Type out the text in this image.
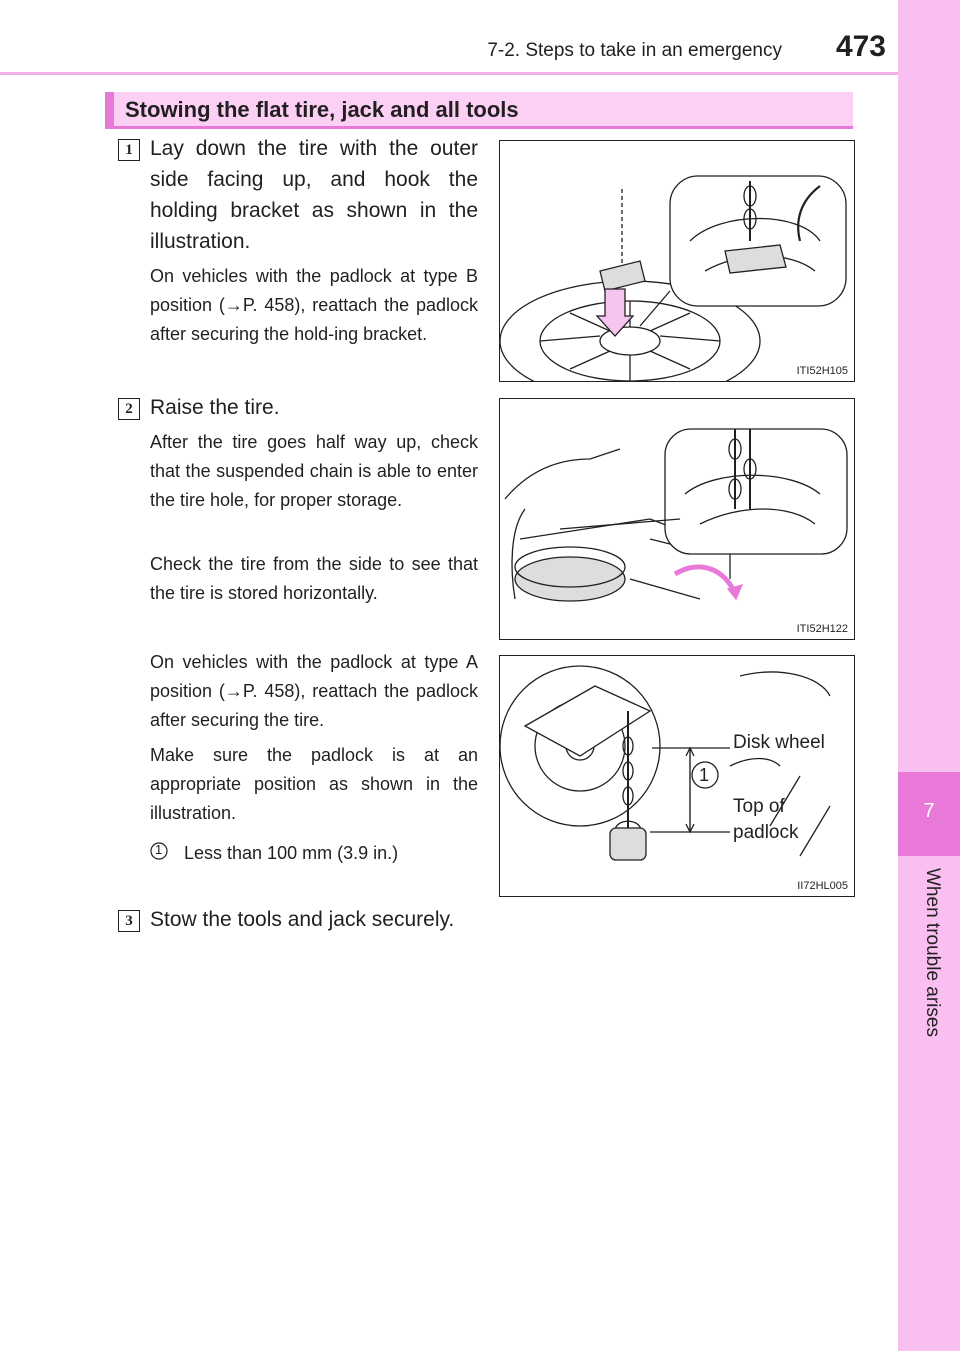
7-2. Steps to take in an emergency	473
7
When trouble arises
Stowing the flat tire, jack and all tools
1 Lay down the tire with the outer side facing up, and hook the holding bracket as shown in the illustration.
On vehicles with the padlock at type B position (→P. 458), reattach the padlock after securing the hold-ing bracket.
2 Raise the tire.
After the tire goes half way up, check that the suspended chain is able to enter the tire hole, for proper storage.
Check the tire from the side to see that the tire is stored horizontally.
On vehicles with the padlock at type A position (→P. 458), reattach the padlock after securing the tire.
Make sure the padlock is at an appropriate position as shown in the illustration.
1 Less than 100 mm (3.9 in.)
3 Stow the tools and jack securely.
ITI52H105
ITI52H122
Disk wheel
1
Top of
padlock
II72HL005
